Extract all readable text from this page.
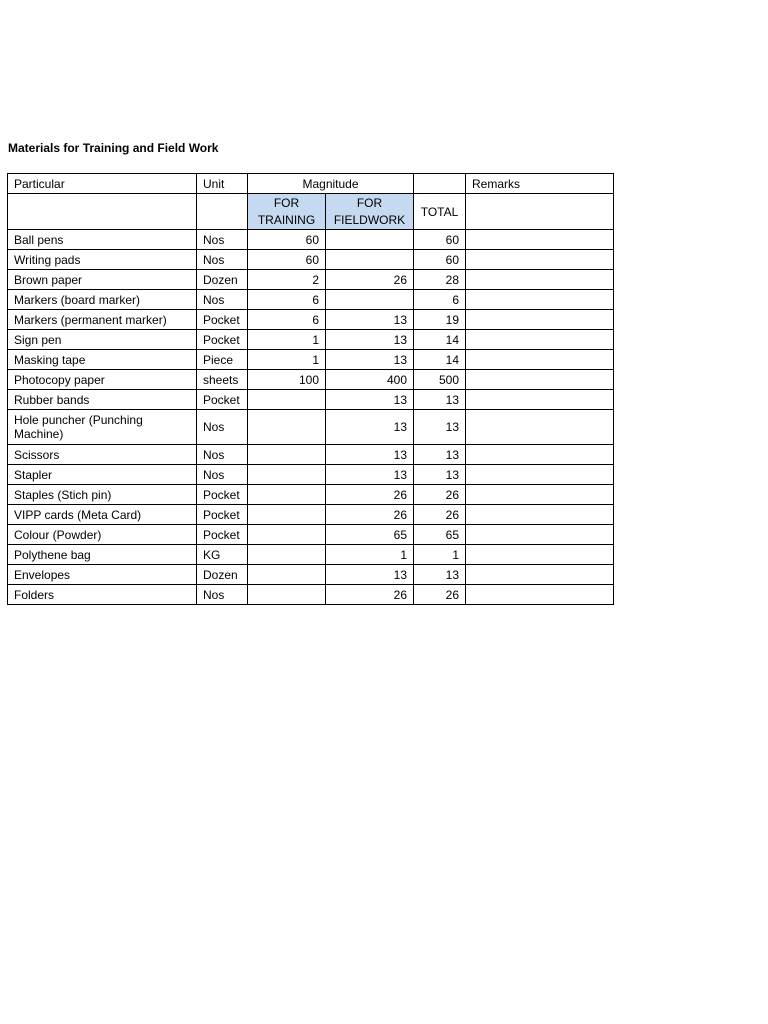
Materials for Training and Field Work
Particular	Unit	Magnitude			Remarks
		FOR TRAINING	FOR FIELDWORK	TOTAL	
Ball pens	Nos	60		60	
Writing pads	Nos	60		60	
Brown paper	Dozen	2	26	28	
Markers (board marker)	Nos	6		6	
Markers (permanent marker)	Pocket	6	13	19	
Sign pen	Pocket	1	13	14	
Masking tape	Piece	1	13	14	
Photocopy paper	sheets	100	400	500	
Rubber bands	Pocket		13	13	
Hole puncher (Punching Machine)	Nos		13	13	
Scissors	Nos		13	13	
Stapler	Nos		13	13	
Staples (Stich pin)	Pocket		26	26	
VIPP cards (Meta Card)	Pocket		26	26	
Colour (Powder)	Pocket		65	65	
Polythene bag	KG		1	1	
Envelopes	Dozen		13	13	
Folders	Nos		26	26	
